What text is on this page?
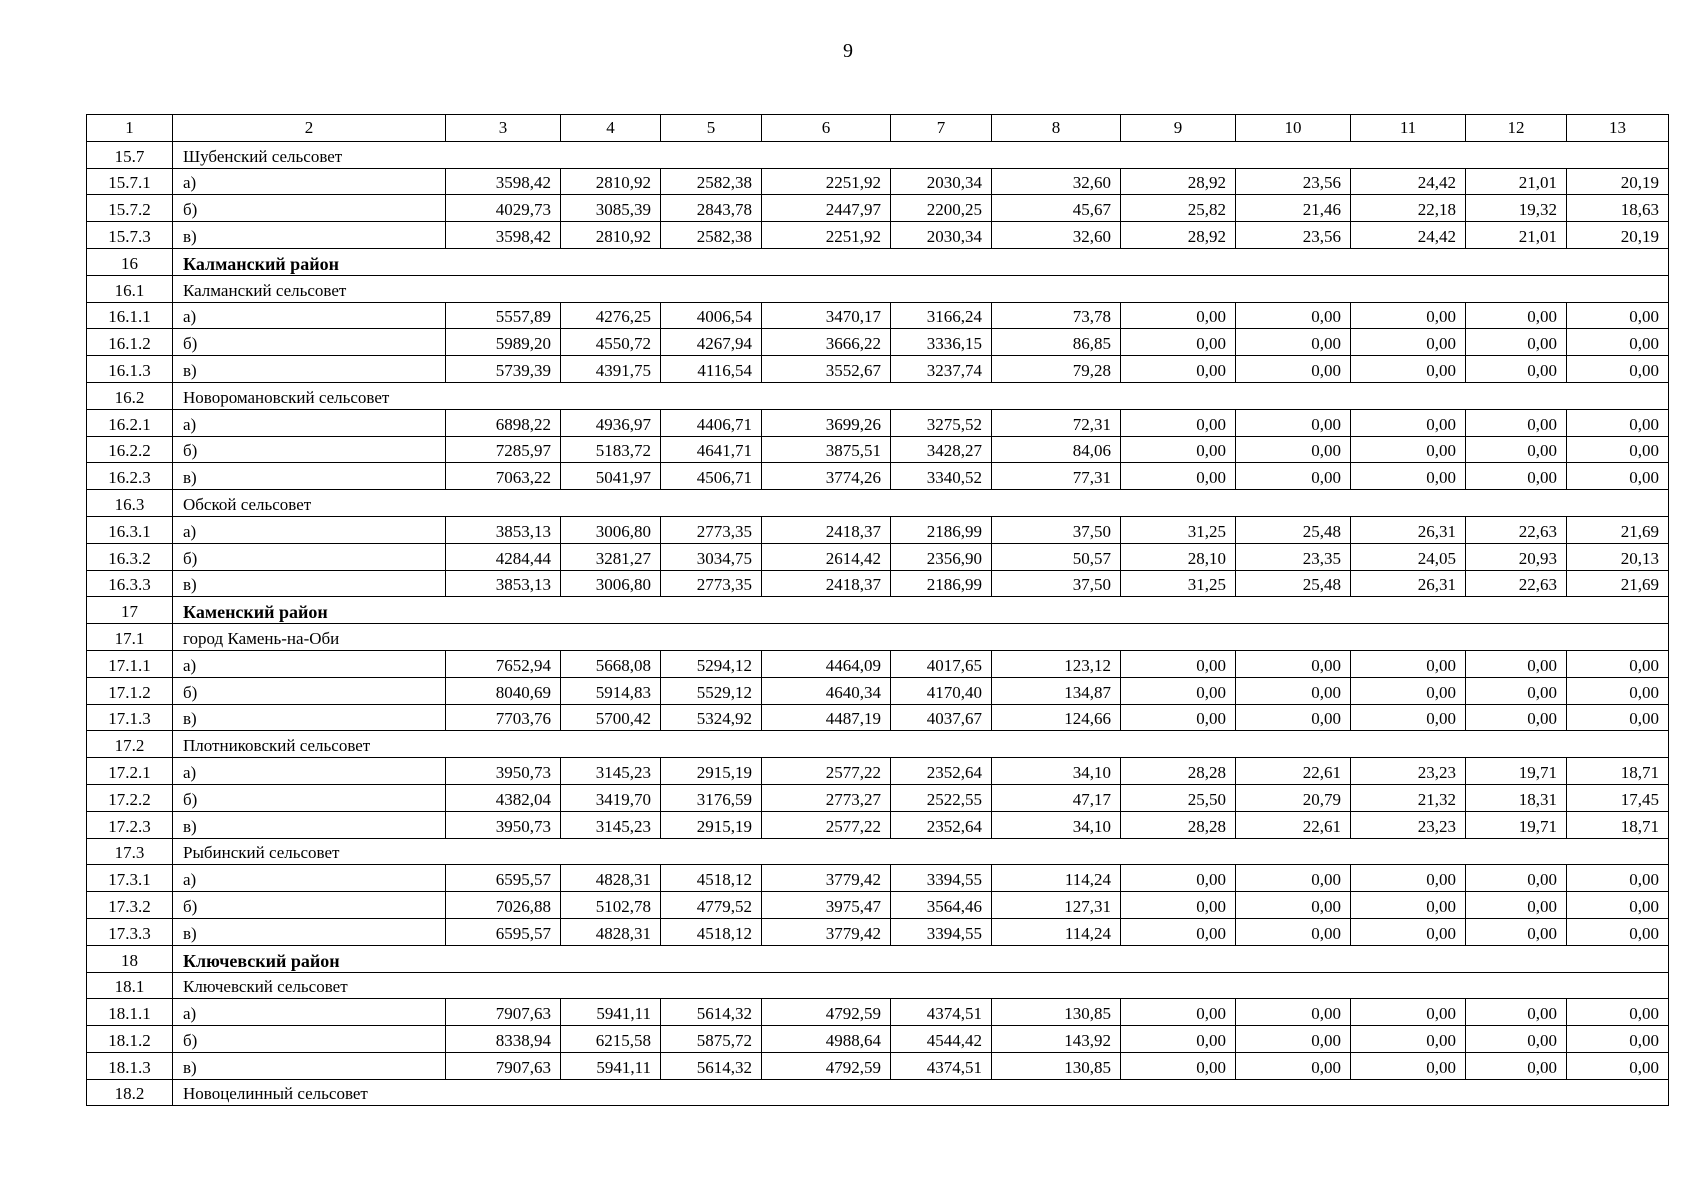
9
1	2	3	4	5	6	7	8	9	10	11	12	13
15.7	Шубенский сельсовет											
15.7.1	а)	3598,42	2810,92	2582,38	2251,92	2030,34	32,60	28,92	23,56	24,42	21,01	20,19
15.7.2	б)	4029,73	3085,39	2843,78	2447,97	2200,25	45,67	25,82	21,46	22,18	19,32	18,63
15.7.3	в)	3598,42	2810,92	2582,38	2251,92	2030,34	32,60	28,92	23,56	24,42	21,01	20,19
16	Калманский район											
16.1	Калманский сельсовет											
16.1.1	а)	5557,89	4276,25	4006,54	3470,17	3166,24	73,78	0,00	0,00	0,00	0,00	0,00
16.1.2	б)	5989,20	4550,72	4267,94	3666,22	3336,15	86,85	0,00	0,00	0,00	0,00	0,00
16.1.3	в)	5739,39	4391,75	4116,54	3552,67	3237,74	79,28	0,00	0,00	0,00	0,00	0,00
16.2	Новоромановский сельсовет											
16.2.1	а)	6898,22	4936,97	4406,71	3699,26	3275,52	72,31	0,00	0,00	0,00	0,00	0,00
16.2.2	б)	7285,97	5183,72	4641,71	3875,51	3428,27	84,06	0,00	0,00	0,00	0,00	0,00
16.2.3	в)	7063,22	5041,97	4506,71	3774,26	3340,52	77,31	0,00	0,00	0,00	0,00	0,00
16.3	Обской сельсовет											
16.3.1	а)	3853,13	3006,80	2773,35	2418,37	2186,99	37,50	31,25	25,48	26,31	22,63	21,69
16.3.2	б)	4284,44	3281,27	3034,75	2614,42	2356,90	50,57	28,10	23,35	24,05	20,93	20,13
16.3.3	в)	3853,13	3006,80	2773,35	2418,37	2186,99	37,50	31,25	25,48	26,31	22,63	21,69
17	Каменский район											
17.1	город Камень-на-Оби											
17.1.1	а)	7652,94	5668,08	5294,12	4464,09	4017,65	123,12	0,00	0,00	0,00	0,00	0,00
17.1.2	б)	8040,69	5914,83	5529,12	4640,34	4170,40	134,87	0,00	0,00	0,00	0,00	0,00
17.1.3	в)	7703,76	5700,42	5324,92	4487,19	4037,67	124,66	0,00	0,00	0,00	0,00	0,00
17.2	Плотниковский сельсовет											
17.2.1	а)	3950,73	3145,23	2915,19	2577,22	2352,64	34,10	28,28	22,61	23,23	19,71	18,71
17.2.2	б)	4382,04	3419,70	3176,59	2773,27	2522,55	47,17	25,50	20,79	21,32	18,31	17,45
17.2.3	в)	3950,73	3145,23	2915,19	2577,22	2352,64	34,10	28,28	22,61	23,23	19,71	18,71
17.3	Рыбинский сельсовет											
17.3.1	а)	6595,57	4828,31	4518,12	3779,42	3394,55	114,24	0,00	0,00	0,00	0,00	0,00
17.3.2	б)	7026,88	5102,78	4779,52	3975,47	3564,46	127,31	0,00	0,00	0,00	0,00	0,00
17.3.3	в)	6595,57	4828,31	4518,12	3779,42	3394,55	114,24	0,00	0,00	0,00	0,00	0,00
18	Ключевский район											
18.1	Ключевский сельсовет											
18.1.1	а)	7907,63	5941,11	5614,32	4792,59	4374,51	130,85	0,00	0,00	0,00	0,00	0,00
18.1.2	б)	8338,94	6215,58	5875,72	4988,64	4544,42	143,92	0,00	0,00	0,00	0,00	0,00
18.1.3	в)	7907,63	5941,11	5614,32	4792,59	4374,51	130,85	0,00	0,00	0,00	0,00	0,00
18.2	Новоцелинный сельсовет											
